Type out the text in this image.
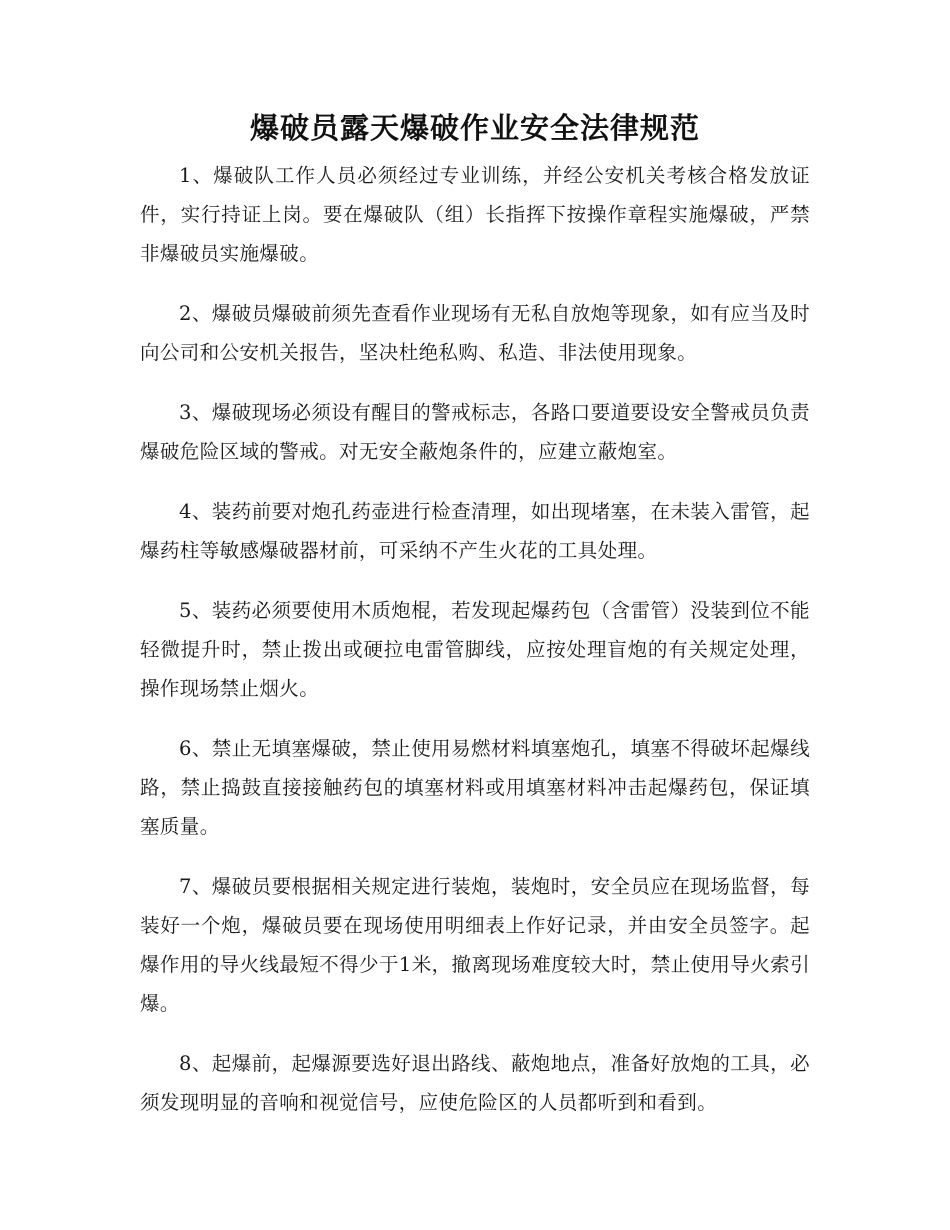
爆破员露天爆破作业安全法律规范

1、爆破队工作人员必须经过专业训练，并经公安机关考核合格发放证件，实行持证上岗。要在爆破队（组）长指挥下按操作章程实施爆破，严禁非爆破员实施爆破。

2、爆破员爆破前须先查看作业现场有无私自放炮等现象，如有应当及时向公司和公安机关报告，坚决杜绝私购、私造、非法使用现象。

3、爆破现场必须设有醒目的警戒标志，各路口要道要设安全警戒员负责爆破危险区域的警戒。对无安全蔽炮条件的，应建立蔽炮室。

4、装药前要对炮孔药壶进行检查清理，如出现堵塞，在未装入雷管，起爆药柱等敏感爆破器材前，可采纳不产生火花的工具处理。

5、装药必须要使用木质炮棍，若发现起爆药包（含雷管）没装到位不能轻微提升时，禁止拨出或硬拉电雷管脚线，应按处理盲炮的有关规定处理，操作现场禁止烟火。

6、禁止无填塞爆破，禁止使用易燃材料填塞炮孔，填塞不得破坏起爆线路，禁止捣鼓直接接触药包的填塞材料或用填塞材料冲击起爆药包，保证填塞质量。

7、爆破员要根据相关规定进行装炮，装炮时，安全员应在现场监督，每装好一个炮，爆破员要在现场使用明细表上作好记录，并由安全员签字。起爆作用的导火线最短不得少于1米，撤离现场难度较大时，禁止使用导火索引爆。

8、起爆前，起爆源要选好退出路线、蔽炮地点，准备好放炮的工具，必须发现明显的音响和视觉信号，应使危险区的人员都听到和看到。
